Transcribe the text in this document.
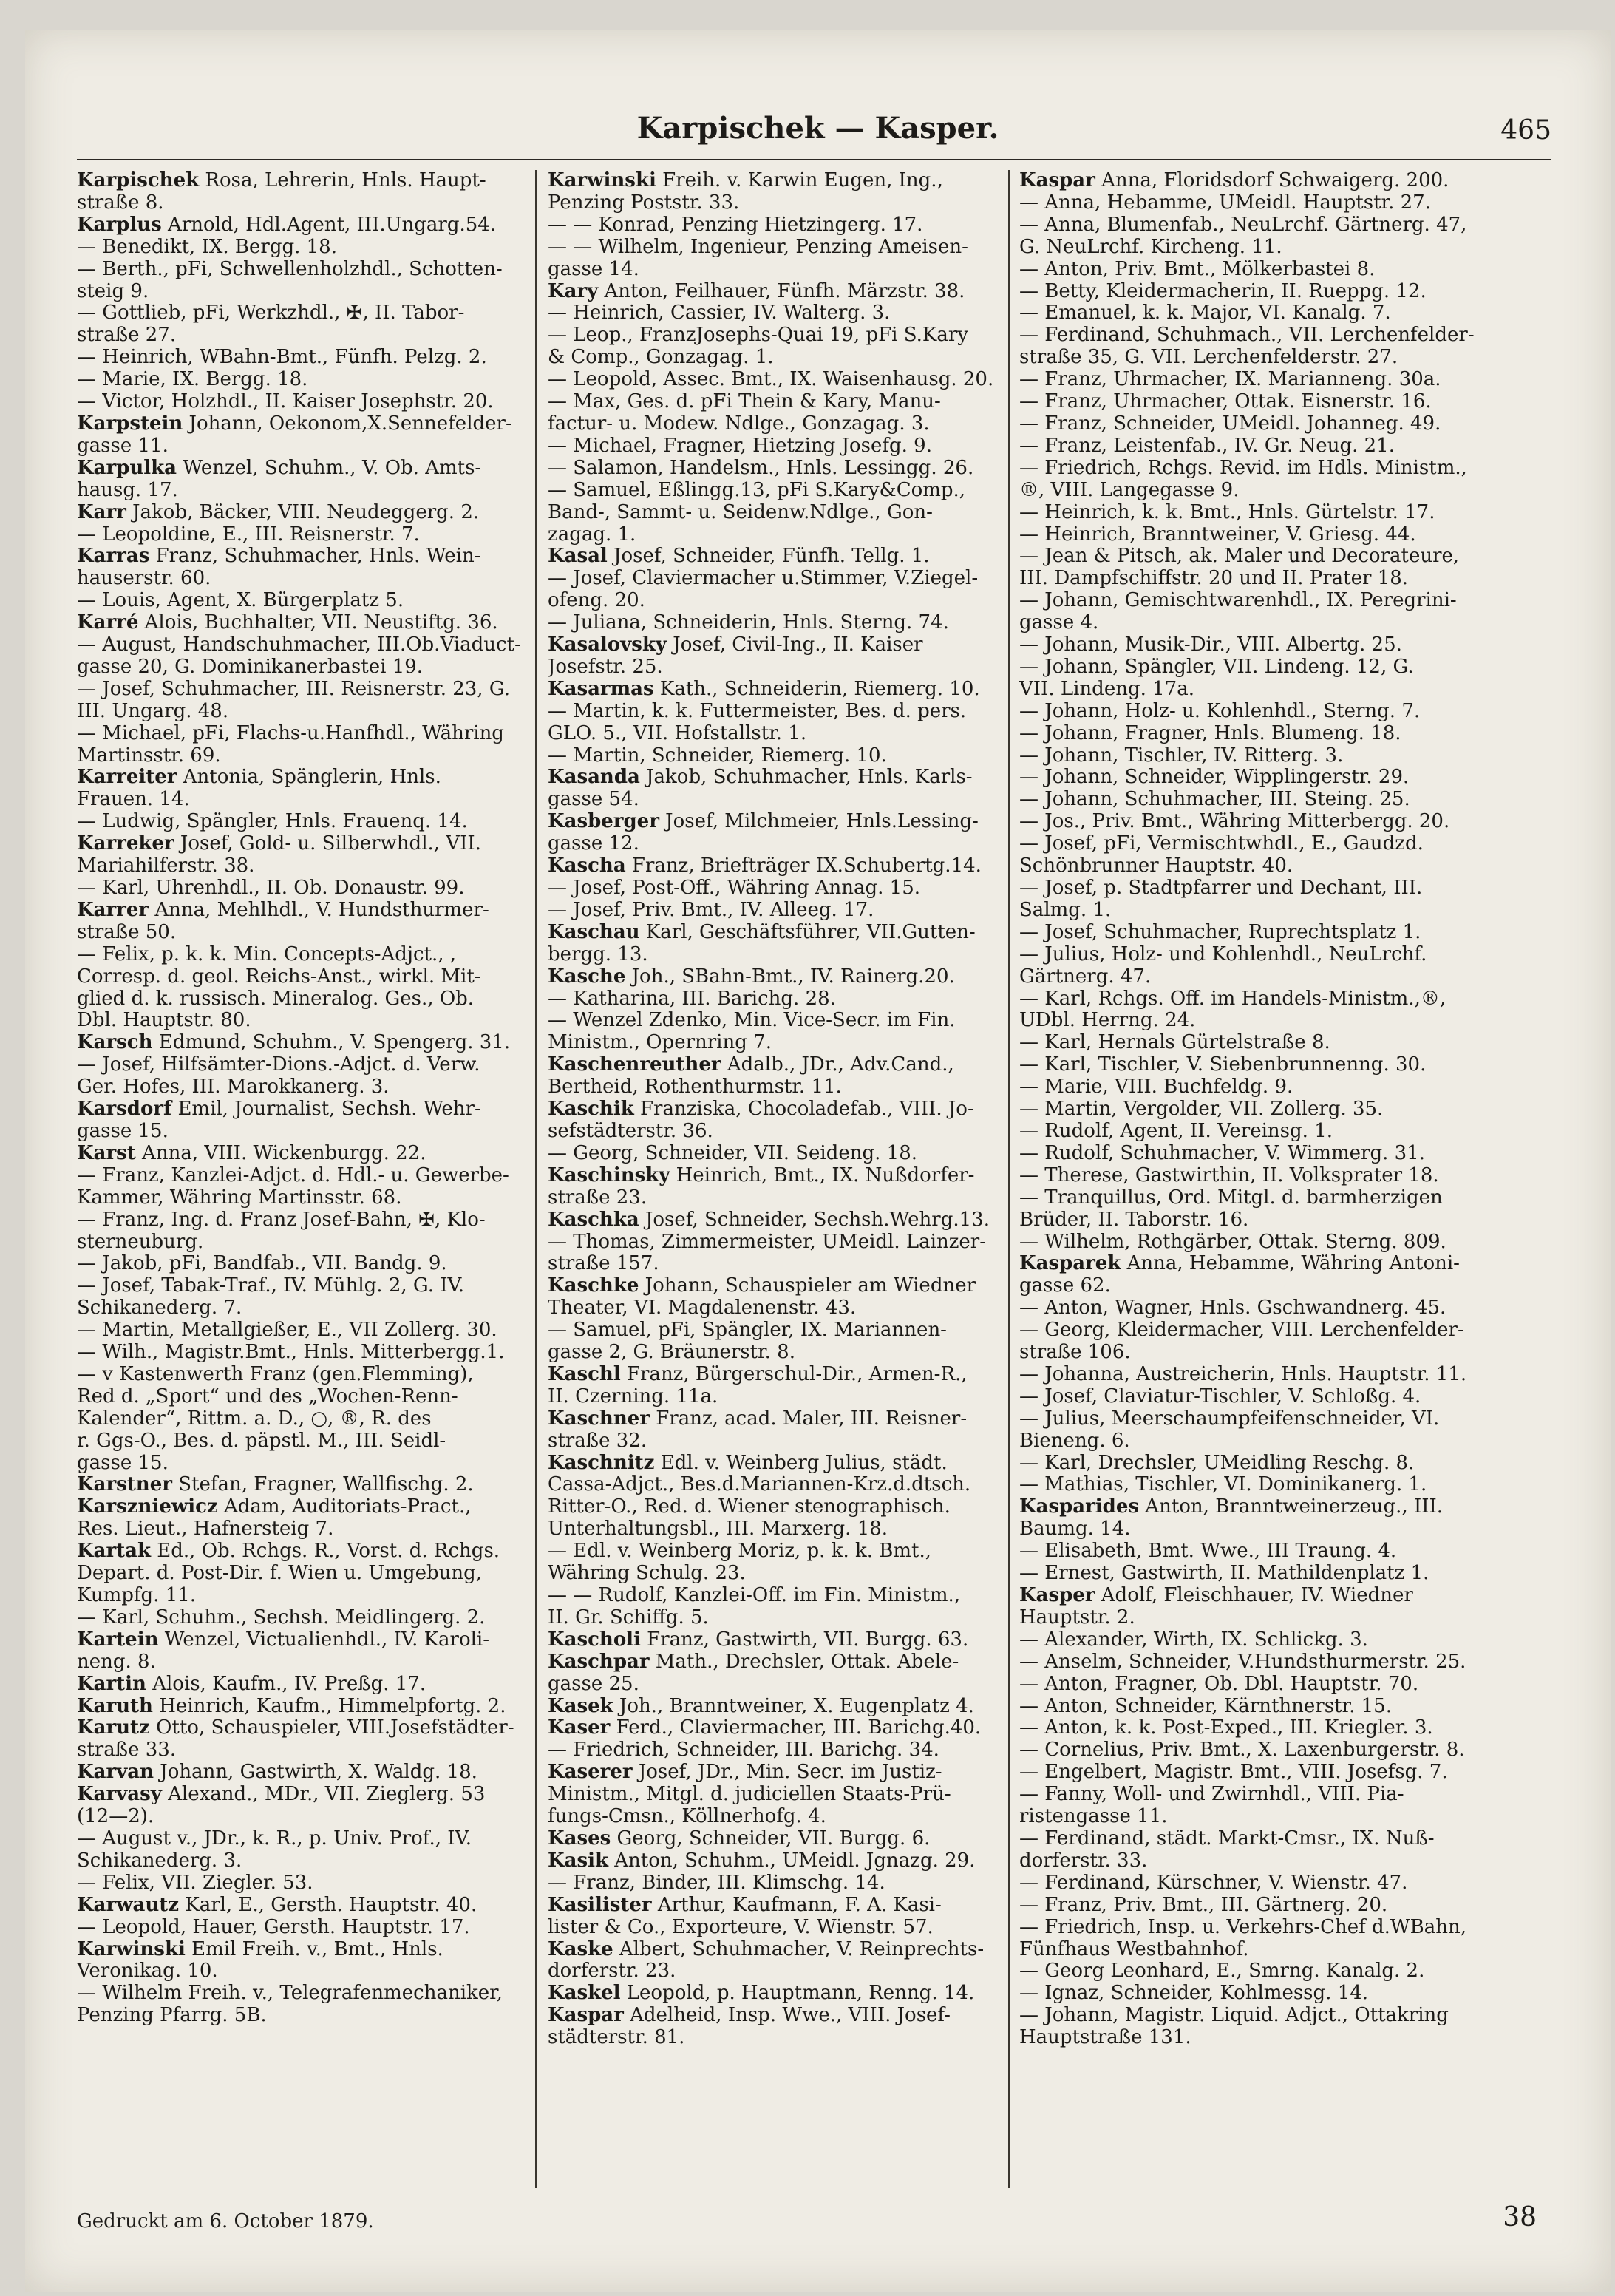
Karpischek — Kasper.	465
Karpischek Rosa, Lehrerin, Hnls. Haupt-
straße 8.
Karplus Arnold, Hdl.Agent, III.Ungarg.54.
— Benedikt, IX. Bergg. 18.
— Berth., pFi, Schwellenholzhdl., Schotten-
steig 9.
— Gottlieb, pFi, Werkzhdl., ✠, II. Tabor-
straße 27.
— Heinrich, WBahn-Bmt., Fünfh. Pelzg. 2.
— Marie, IX. Bergg. 18.
— Victor, Holzhdl., II. Kaiser Josephstr. 20.
Karpstein Johann, Oekonom,X.Sennefelder-
gasse 11.
Karpulka Wenzel, Schuhm., V. Ob. Amts-
hausg. 17.
Karr Jakob, Bäcker, VIII. Neudeggerg. 2.
— Leopoldine, E., III. Reisnerstr. 7.
Karras Franz, Schuhmacher, Hnls. Wein-
hauserstr. 60.
— Louis, Agent, X. Bürgerplatz 5.
Karré Alois, Buchhalter, VII. Neustiftg. 36.
— August, Handschuhmacher, III.Ob.Viaduct-
gasse 20, G. Dominikanerbastei 19.
— Josef, Schuhmacher, III. Reisnerstr. 23, G.
III. Ungarg. 48.
— Michael, pFi, Flachs-u.Hanfhdl., Währing
Martinsstr. 69.
Karreiter Antonia, Spänglerin, Hnls.
Frauen. 14.
— Ludwig, Spängler, Hnls. Frauenq. 14.
Karreker Josef, Gold- u. Silberwhdl., VII.
Mariahilferstr. 38.
— Karl, Uhrenhdl., II. Ob. Donaustr. 99.
Karrer Anna, Mehlhdl., V. Hundsthurmer-
straße 50.
— Felix, p. k. k. Min. Concepts-Adjct., ,
Corresp. d. geol. Reichs-Anst., wirkl. Mit-
glied d. k. russisch. Mineralog. Ges., Ob.
Dbl. Hauptstr. 80.
Karsch Edmund, Schuhm., V. Spengerg. 31.
— Josef, Hilfsämter-Dions.-Adjct. d. Verw.
Ger. Hofes, III. Marokkanerg. 3.
Karsdorf Emil, Journalist, Sechsh. Wehr-
gasse 15.
Karst Anna, VIII. Wickenburgg. 22.
— Franz, Kanzlei-Adjct. d. Hdl.- u. Gewerbe-
Kammer, Währing Martinsstr. 68.
— Franz, Ing. d. Franz Josef-Bahn, ✠, Klo-
sterneuburg.
— Jakob, pFi, Bandfab., VII. Bandg. 9.
— Josef, Tabak-Traf., IV. Mühlg. 2, G. IV.
Schikanederg. 7.
— Martin, Metallgießer, E., VII Zollerg. 30.
— Wilh., Magistr.Bmt., Hnls. Mitterbergg.1.
— v Kastenwerth Franz (gen.Flemming),
Red d. „Sport“ und des „Wochen-Renn-
Kalender“, Rittm. a. D., ○, ®, R. des
r. Ggs-O., Bes. d. päpstl. M., III. Seidl-
gasse 15.
Karstner Stefan, Fragner, Wallfischg. 2.
Karszniewicz Adam, Auditoriats-Pract.,
Res. Lieut., Hafnersteig 7.
Kartak Ed., Ob. Rchgs. R., Vorst. d. Rchgs.
Depart. d. Post-Dir. f. Wien u. Umgebung,
Kumpfg. 11.
— Karl, Schuhm., Sechsh. Meidlingerg. 2.
Kartein Wenzel, Victualienhdl., IV. Karoli-
neng. 8.
Kartin Alois, Kaufm., IV. Preßg. 17.
Karuth Heinrich, Kaufm., Himmelpfortg. 2.
Karutz Otto, Schauspieler, VIII.Josefstädter-
straße 33.
Karvan Johann, Gastwirth, X. Waldg. 18.
Karvasy Alexand., MDr., VII. Zieglerg. 53
(12—2).
— August v., JDr., k. R., p. Univ. Prof., IV.
Schikanederg. 3.
— Felix, VII. Ziegler. 53.
Karwautz Karl, E., Gersth. Hauptstr. 40.
— Leopold, Hauer, Gersth. Hauptstr. 17.
Karwinski Emil Freih. v., Bmt., Hnls.
Veronikag. 10.
— Wilhelm Freih. v., Telegrafenmechaniker,
Penzing Pfarrg. 5B.
Karwinski Freih. v. Karwin Eugen, Ing.,
Penzing Poststr. 33.
— — Konrad, Penzing Hietzingerg. 17.
— — Wilhelm, Ingenieur, Penzing Ameisen-
gasse 14.
Kary Anton, Feilhauer, Fünfh. Märzstr. 38.
— Heinrich, Cassier, IV. Walterg. 3.
— Leop., FranzJosephs-Quai 19, pFi S.Kary
& Comp., Gonzagag. 1.
— Leopold, Assec. Bmt., IX. Waisenhausg. 20.
— Max, Ges. d. pFi Thein & Kary, Manu-
factur- u. Modew. Ndlge., Gonzagag. 3.
— Michael, Fragner, Hietzing Josefg. 9.
— Salamon, Handelsm., Hnls. Lessingg. 26.
— Samuel, Eßlingg.13, pFi S.Kary&Comp.,
Band-, Sammt- u. Seidenw.Ndlge., Gon-
zagag. 1.
Kasal Josef, Schneider, Fünfh. Tellg. 1.
— Josef, Claviermacher u.Stimmer, V.Ziegel-
ofeng. 20.
— Juliana, Schneiderin, Hnls. Sterng. 74.
Kasalovsky Josef, Civil-Ing., II. Kaiser
Josefstr. 25.
Kasarmas Kath., Schneiderin, Riemerg. 10.
— Martin, k. k. Futtermeister, Bes. d. pers.
GLO. 5., VII. Hofstallstr. 1.
— Martin, Schneider, Riemerg. 10.
Kasanda Jakob, Schuhmacher, Hnls. Karls-
gasse 54.
Kasberger Josef, Milchmeier, Hnls.Lessing-
gasse 12.
Kascha Franz, Briefträger IX.Schubertg.14.
— Josef, Post-Off., Währing Annag. 15.
— Josef, Priv. Bmt., IV. Alleeg. 17.
Kaschau Karl, Geschäftsführer, VII.Gutten-
bergg. 13.
Kasche Joh., SBahn-Bmt., IV. Rainerg.20.
— Katharina, III. Barichg. 28.
— Wenzel Zdenko, Min. Vice-Secr. im Fin.
Ministm., Opernring 7.
Kaschenreuther Adalb., JDr., Adv.Cand.,
Bertheid, Rothenthurmstr. 11.
Kaschik Franziska, Chocoladefab., VIII. Jo-
sefstädterstr. 36.
— Georg, Schneider, VII. Seideng. 18.
Kaschinsky Heinrich, Bmt., IX. Nußdorfer-
straße 23.
Kaschka Josef, Schneider, Sechsh.Wehrg.13.
— Thomas, Zimmermeister, UMeidl. Lainzer-
straße 157.
Kaschke Johann, Schauspieler am Wiedner
Theater, VI. Magdalenenstr. 43.
— Samuel, pFi, Spängler, IX. Mariannen-
gasse 2, G. Bräunerstr. 8.
Kaschl Franz, Bürgerschul-Dir., Armen-R.,
II. Czerning. 11a.
Kaschner Franz, acad. Maler, III. Reisner-
straße 32.
Kaschnitz Edl. v. Weinberg Julius, städt.
Cassa-Adjct., Bes.d.Mariannen-Krz.d.dtsch.
Ritter-O., Red. d. Wiener stenographisch.
Unterhaltungsbl., III. Marxerg. 18.
— Edl. v. Weinberg Moriz, p. k. k. Bmt.,
Währing Schulg. 23.
— — Rudolf, Kanzlei-Off. im Fin. Ministm.,
II. Gr. Schiffg. 5.
Kascholi Franz, Gastwirth, VII. Burgg. 63.
Kaschpar Math., Drechsler, Ottak. Abele-
gasse 25.
Kasek Joh., Branntweiner, X. Eugenplatz 4.
Kaser Ferd., Claviermacher, III. Barichg.40.
— Friedrich, Schneider, III. Barichg. 34.
Kaserer Josef, JDr., Min. Secr. im Justiz-
Ministm., Mitgl. d. judiciellen Staats-Prü-
fungs-Cmsn., Köllnerhofg. 4.
Kases Georg, Schneider, VII. Burgg. 6.
Kasik Anton, Schuhm., UMeidl. Jgnazg. 29.
— Franz, Binder, III. Klimschg. 14.
Kasilister Arthur, Kaufmann, F. A. Kasi-
lister & Co., Exporteure, V. Wienstr. 57.
Kaske Albert, Schuhmacher, V. Reinprechts-
dorferstr. 23.
Kaskel Leopold, p. Hauptmann, Renng. 14.
Kaspar Adelheid, Insp. Wwe., VIII. Josef-
städterstr. 81.
Kaspar Anna, Floridsdorf Schwaigerg. 200.
— Anna, Hebamme, UMeidl. Hauptstr. 27.
— Anna, Blumenfab., NeuLrchf. Gärtnerg. 47,
G. NeuLrchf. Kircheng. 11.
— Anton, Priv. Bmt., Mölkerbastei 8.
— Betty, Kleidermacherin, II. Rueppg. 12.
— Emanuel, k. k. Major, VI. Kanalg. 7.
— Ferdinand, Schuhmach., VII. Lerchenfelder-
straße 35, G. VII. Lerchenfelderstr. 27.
— Franz, Uhrmacher, IX. Marianneng. 30a.
— Franz, Uhrmacher, Ottak. Eisnerstr. 16.
— Franz, Schneider, UMeidl. Johanneg. 49.
— Franz, Leistenfab., IV. Gr. Neug. 21.
— Friedrich, Rchgs. Revid. im Hdls. Ministm.,
®, VIII. Langegasse 9.
— Heinrich, k. k. Bmt., Hnls. Gürtelstr. 17.
— Heinrich, Branntweiner, V. Griesg. 44.
— Jean & Pitsch, ak. Maler und Decorateure,
III. Dampfschiffstr. 20 und II. Prater 18.
— Johann, Gemischtwarenhdl., IX. Peregrini-
gasse 4.
— Johann, Musik-Dir., VIII. Albertg. 25.
— Johann, Spängler, VII. Lindeng. 12, G.
VII. Lindeng. 17a.
— Johann, Holz- u. Kohlenhdl., Sterng. 7.
— Johann, Fragner, Hnls. Blumeng. 18.
— Johann, Tischler, IV. Ritterg. 3.
— Johann, Schneider, Wipplingerstr. 29.
— Johann, Schuhmacher, III. Steing. 25.
— Jos., Priv. Bmt., Währing Mitterbergg. 20.
— Josef, pFi, Vermischtwhdl., E., Gaudzd.
Schönbrunner Hauptstr. 40.
— Josef, p. Stadtpfarrer und Dechant, III.
Salmg. 1.
— Josef, Schuhmacher, Ruprechtsplatz 1.
— Julius, Holz- und Kohlenhdl., NeuLrchf.
Gärtnerg. 47.
— Karl, Rchgs. Off. im Handels-Ministm.,®,
UDbl. Herrng. 24.
— Karl, Hernals Gürtelstraße 8.
— Karl, Tischler, V. Siebenbrunnenng. 30.
— Marie, VIII. Buchfeldg. 9.
— Martin, Vergolder, VII. Zollerg. 35.
— Rudolf, Agent, II. Vereinsg. 1.
— Rudolf, Schuhmacher, V. Wimmerg. 31.
— Therese, Gastwirthin, II. Volksprater 18.
— Tranquillus, Ord. Mitgl. d. barmherzigen
Brüder, II. Taborstr. 16.
— Wilhelm, Rothgärber, Ottak. Sterng. 809.
Kasparek Anna, Hebamme, Währing Antoni-
gasse 62.
— Anton, Wagner, Hnls. Gschwandnerg. 45.
— Georg, Kleidermacher, VIII. Lerchenfelder-
straße 106.
— Johanna, Austreicherin, Hnls. Hauptstr. 11.
— Josef, Claviatur-Tischler, V. Schloßg. 4.
— Julius, Meerschaumpfeifenschneider, VI.
Bieneng. 6.
— Karl, Drechsler, UMeidling Reschg. 8.
— Mathias, Tischler, VI. Dominikanerg. 1.
Kasparides Anton, Branntweinerzeug., III.
Baumg. 14.
— Elisabeth, Bmt. Wwe., III Traung. 4.
— Ernest, Gastwirth, II. Mathildenplatz 1.
Kasper Adolf, Fleischhauer, IV. Wiedner
Hauptstr. 2.
— Alexander, Wirth, IX. Schlickg. 3.
— Anselm, Schneider, V.Hundsthurmerstr. 25.
— Anton, Fragner, Ob. Dbl. Hauptstr. 70.
— Anton, Schneider, Kärnthnerstr. 15.
— Anton, k. k. Post-Exped., III. Kriegler. 3.
— Cornelius, Priv. Bmt., X. Laxenburgerstr. 8.
— Engelbert, Magistr. Bmt., VIII. Josefsg. 7.
— Fanny, Woll- und Zwirnhdl., VIII. Pia-
ristengasse 11.
— Ferdinand, städt. Markt-Cmsr., IX. Nuß-
dorferstr. 33.
— Ferdinand, Kürschner, V. Wienstr. 47.
— Franz, Priv. Bmt., III. Gärtnerg. 20.
— Friedrich, Insp. u. Verkehrs-Chef d.WBahn,
Fünfhaus Westbahnhof.
— Georg Leonhard, E., Smrng. Kanalg. 2.
— Ignaz, Schneider, Kohlmessg. 14.
— Johann, Magistr. Liquid. Adjct., Ottakring
Hauptstraße 131.
Gedruckt am 6. October 1879.	38
